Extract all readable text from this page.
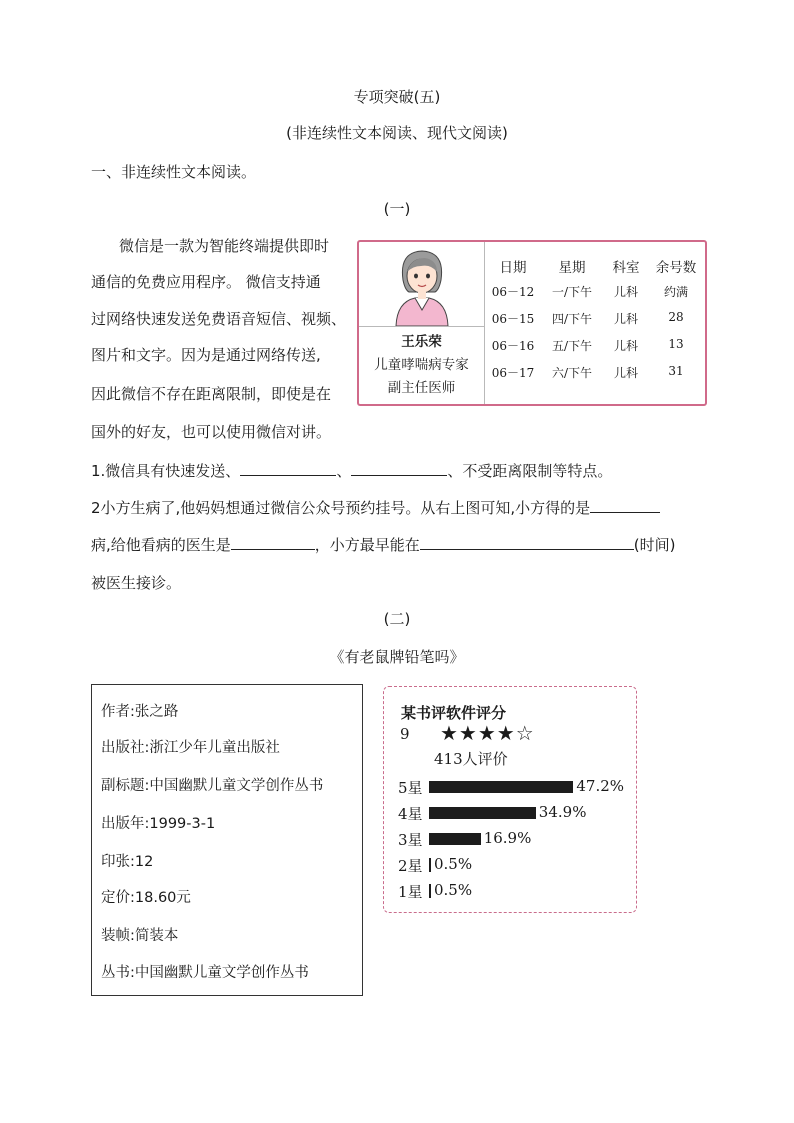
专项突破(五)
(非连续性文本阅读、现代文阅读)
一、非连续性文本阅读。
(一)
微信是一款为智能终端提供即时
通信的免费应用程序。 微信支持通
过网络快速发送免费语音短信、视频、
图片和文字。因为是通过网络传送,
因此微信不存在距离限制，即使是在
国外的好友，也可以使用微信对讲。
王乐荣
儿童哮喘病专家
副主任医师
日期	星期	科室	余号数
06－12	一/下午	儿科	约满
06－15	四/下午	儿科	28
06－16	五/下午	儿科	13
06－17	六/下午	儿科	31
1.微信具有快速发送、	、	、不受距离限制等特点。
2小方生病了,他妈妈想通过微信公众号预约挂号。从右上图可知,小方得的是
病,给他看病的医生是	，小方最早能在	(时间)
被医生接诊。
(二)
《有老鼠牌铅笔吗》
作者:张之路
出版社:浙江少年儿童出版社
副标题:中国幽默儿童文学创作丛书
出版年:1999-3-1
印张:12
定价:18.60元
装帧:简装本
丛书:中国幽默儿童文学创作丛书
某书评软件评分
9 ★★★★☆
413人评价
5星	47.2%
4星	34.9%
3星	16.9%
2星 0.5%
1星 0.5%
